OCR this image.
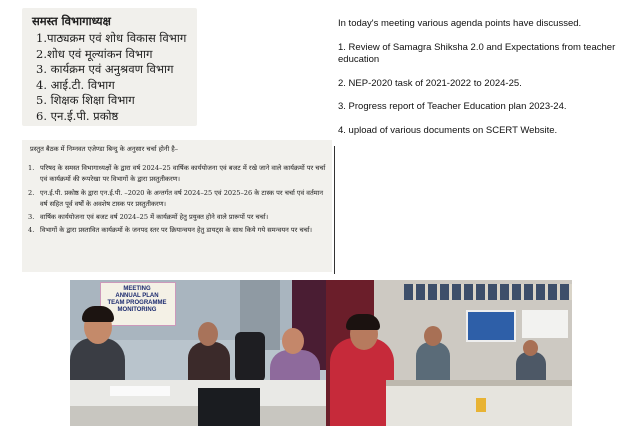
समस्त विभागाध्यक्ष
1.पाठ्यक्रम एवं शोध विकास विभाग
2.शोध एवं मूल्यांकन विभाग
3. कार्यक्रम एवं अनुश्रवण विभाग
4. आई.टी. विभाग
5. शिक्षक शिक्षा विभाग
6. एन.ई.पी. प्रकोष्ठ

In today's meeting various agenda points have discussed.

1. Review of Samagra Shiksha 2.0 and Expectations from teacher education

2. NEP-2020 task of 2021-2022 to 2024-25.

3. Progress report of Teacher Education plan 2023-24.

4. upload of various documents on SCERT Website.

प्रस्तुत बैठक में निम्नवत एजेण्डा बिन्दु के अनुसार चर्चा होनी है–
1. परिषद के समस्त विभागाध्यक्षों के द्वारा वर्ष 2024–25 वार्षिक कार्ययोजना एवं बजट में रखे जाने वाले कार्यक्रमों पर चर्चा एवं कार्यक्रमों की रूपरेखा पर विभागों के द्वारा प्रस्तुतीकरण।
2. एन.ई.पी. प्रकोष्ठ के द्वारा एन.ई.पी. –2020 के अन्तर्गत वर्ष 2024–25 एवं 2025–26 के टास्क पर चर्चा एवं वर्तमान वर्ष सहित पूर्व वर्षों के अवशेष टास्क पर प्रस्तुतीकरण।
3. वार्षिक कार्ययोजना एवं बजट वर्ष 2024–25 में कार्यक्रमों हेतु प्रयुक्त होने वाले प्रारूपों पर चर्चा।
4. विभागों के द्वारा प्रस्तावित कार्यक्रमों के जनपद स्तर पर क्रियान्वयन हेतु डायट्स के साथ किये गये समन्वयन पर चर्चा।
MEETING
ANNUAL PLAN
TEAM PROGRAMME
MONITORING
